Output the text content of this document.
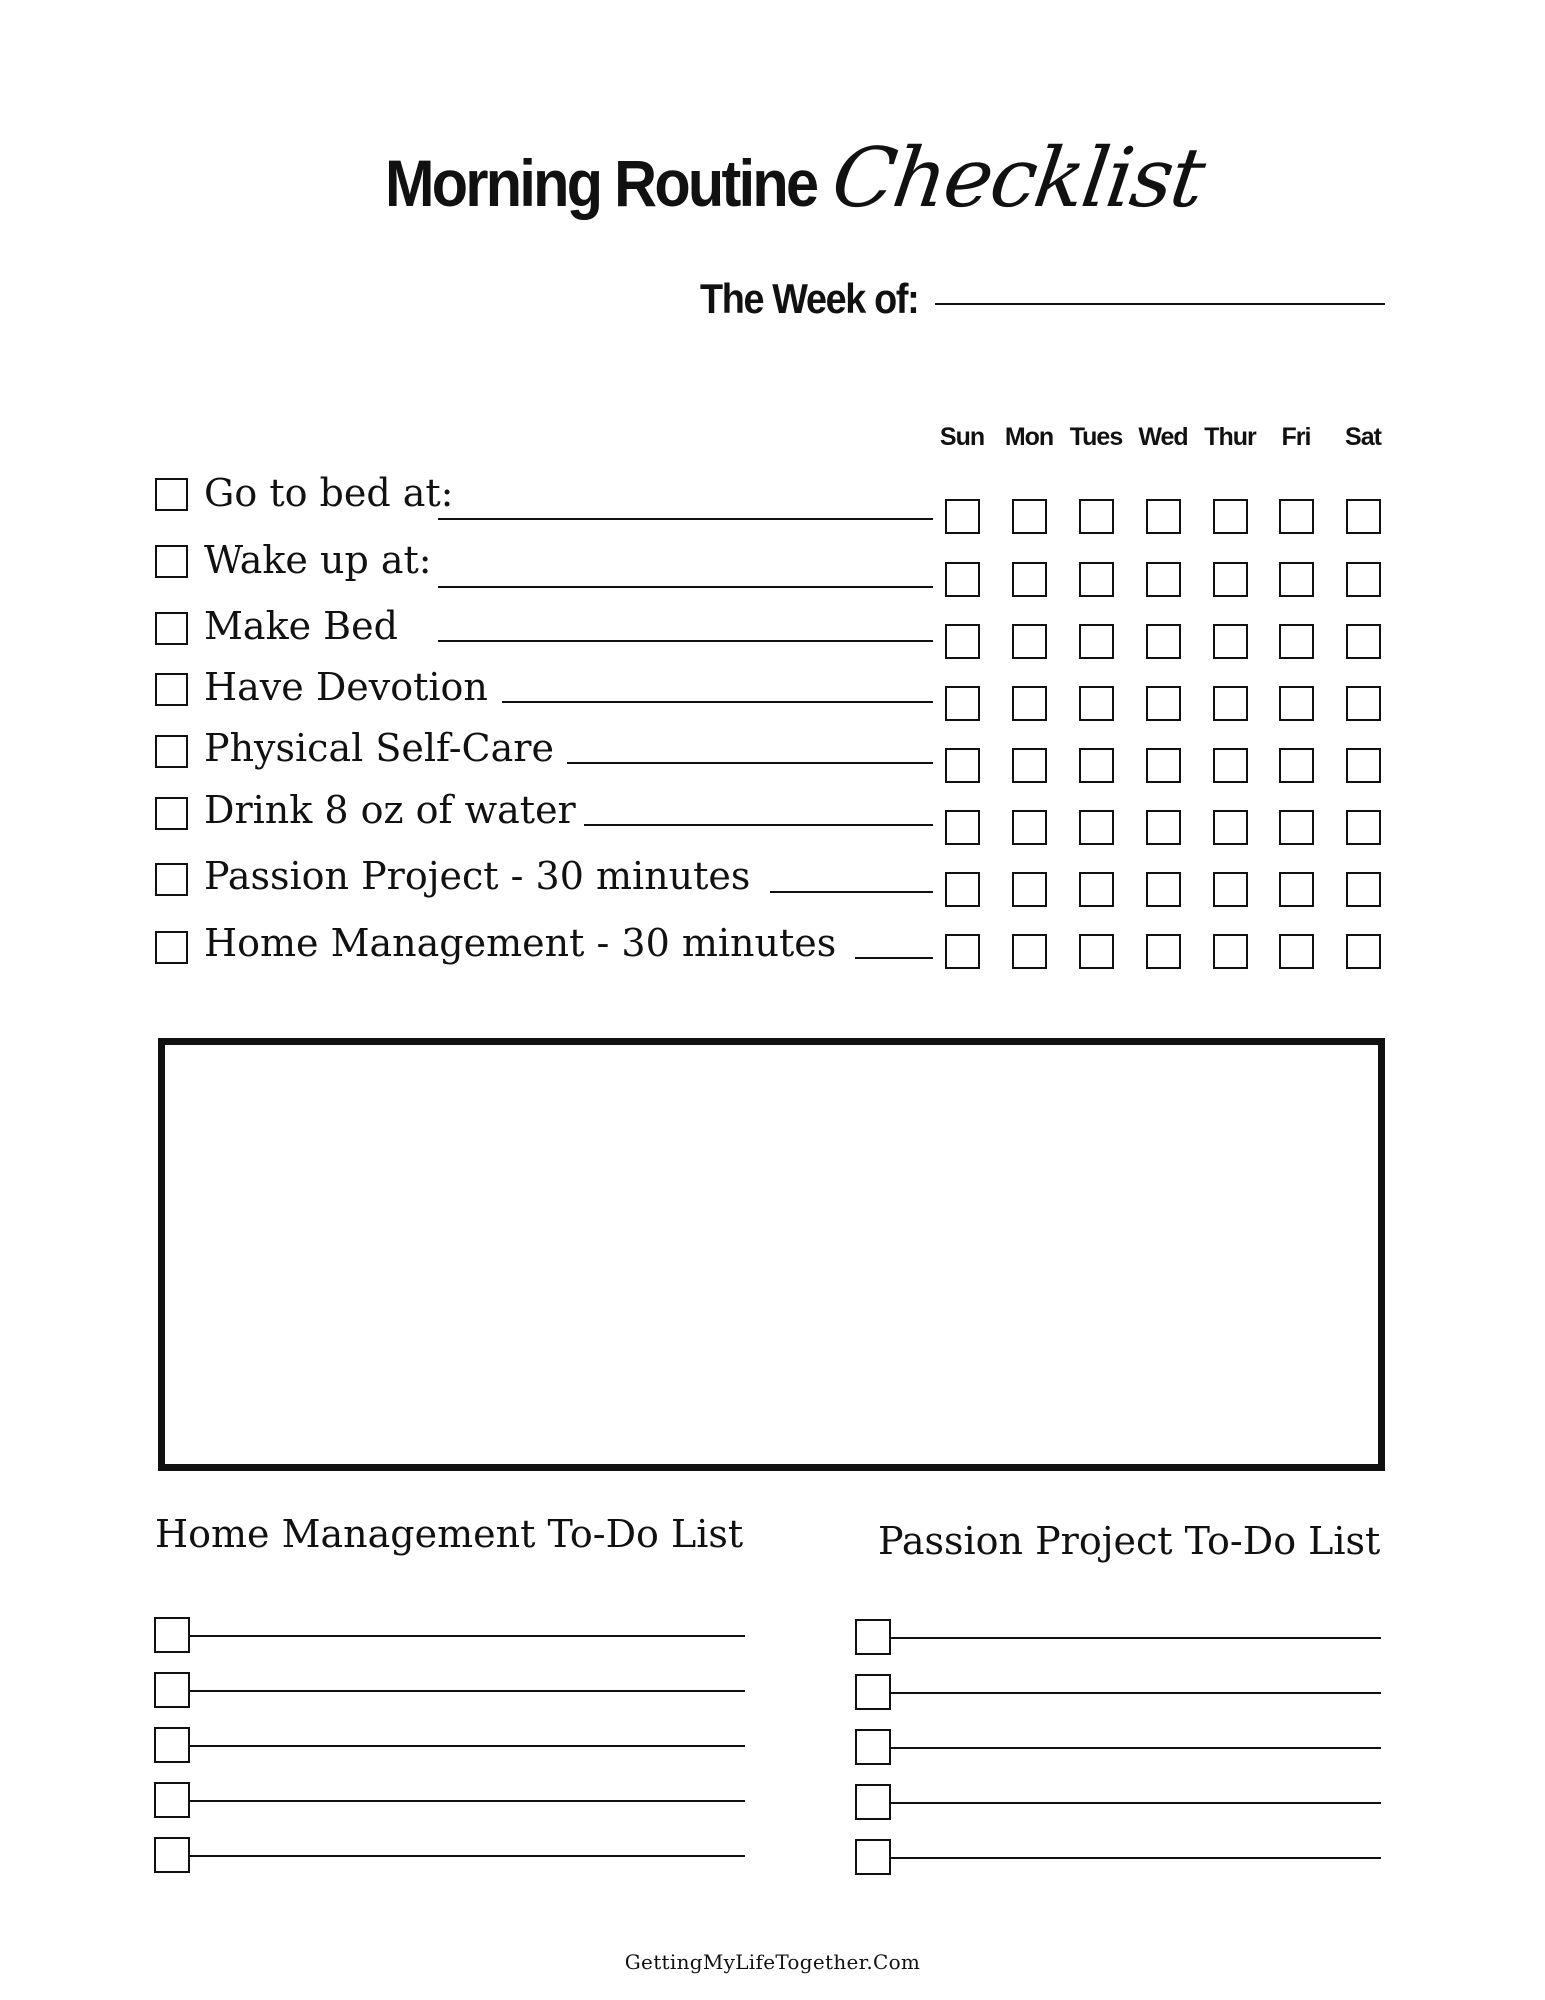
Morning Routine Checklist
The Week of:
Sun Mon Tues Wed Thur	Fri	Sat
Go to bed at:
Wake up at:
Make Bed
Have Devotion
Physical Self-Care
Drink 8 oz of water
Passion Project - 30 minutes
Home Management - 30 minutes
Home Management To-Do List	Passion Project To-Do List
GettingMyLifeTogether.Com
